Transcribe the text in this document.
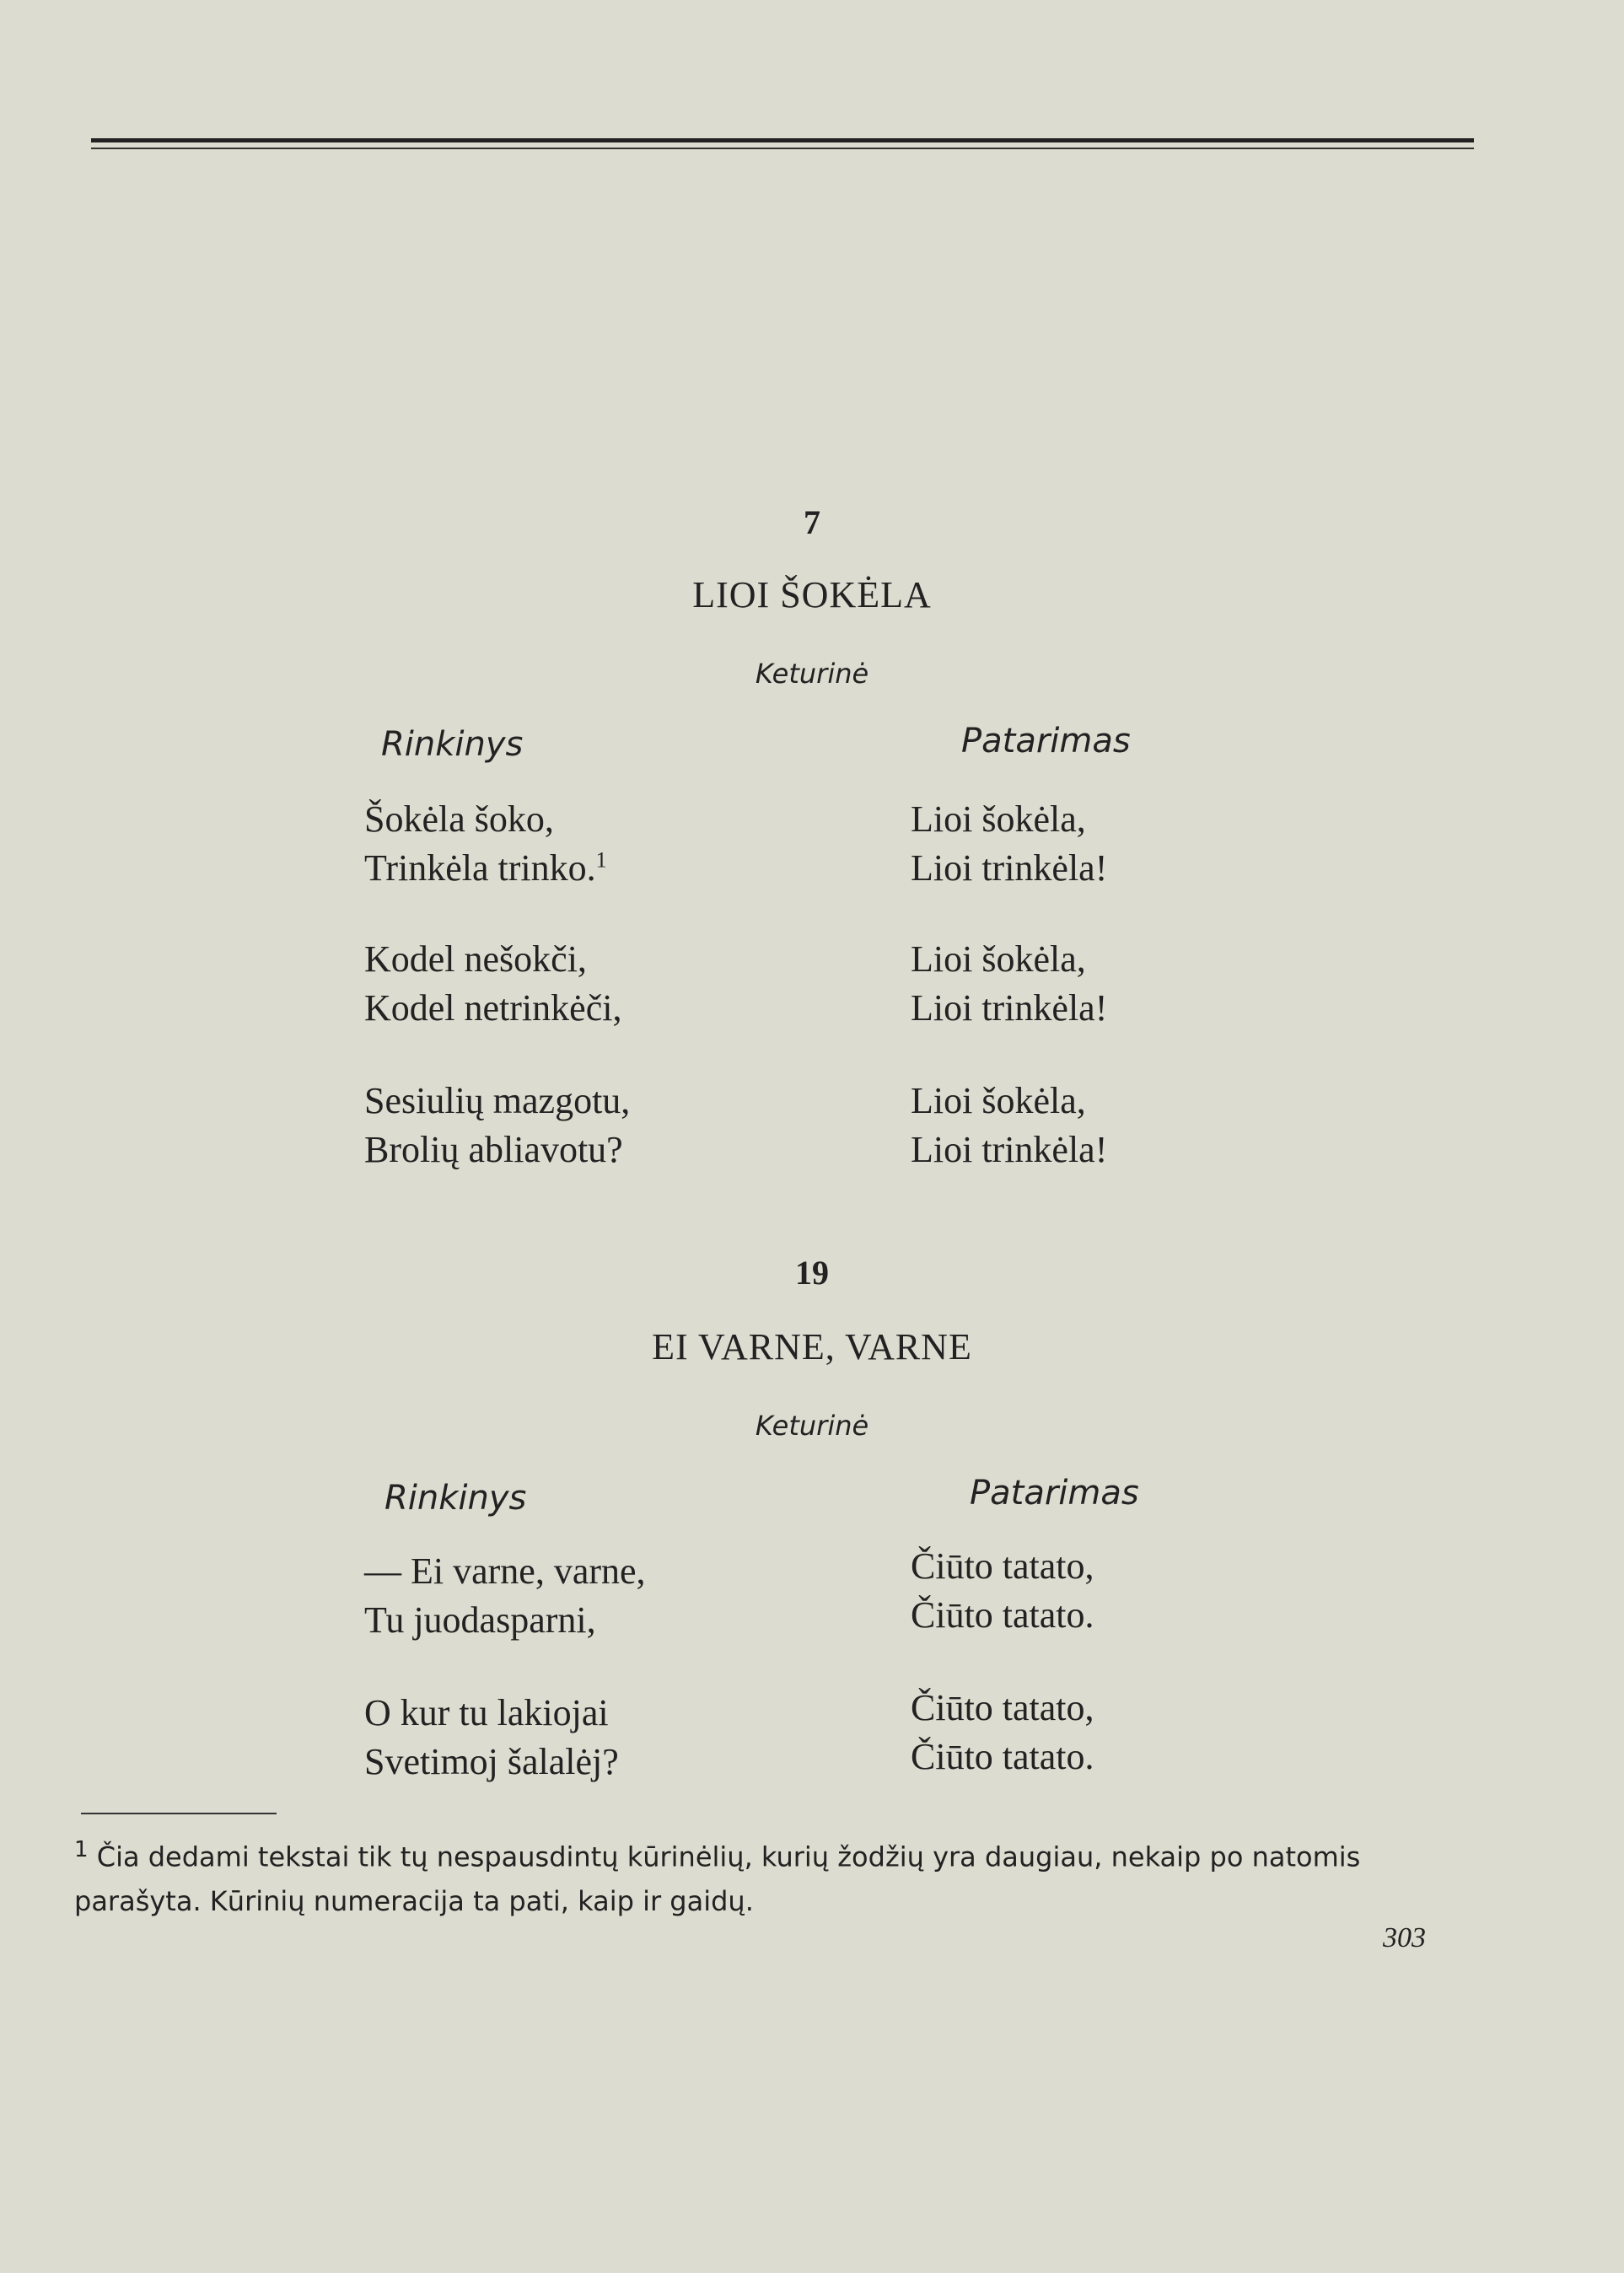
7
LIOI ŠOKĖLA
Keturinė
Rinkinys	Patarimas
Šokėla šoko,
Trinkėla trinko.$^1$
Lioi šokėla,
Lioi trinkėla!
Kodel nešokči,
Kodel netrinkėči,
Lioi šokėla,
Lioi trinkėla!
Sesiulių mazgotu,
Brolių abliavotu?
Lioi šokėla,
Lioi trinkėla!
19
EI VARNE, VARNE
Keturinė
Rinkinys	Patarimas
— Ei varne, varne,
Tu juodasparni,
Čiūto tatato,
Čiūto tatato.
O kur tu lakiojai
Svetimoj šalalėj?
Čiūto tatato,
Čiūto tatato.
$^1$ Čia dedami tekstai tik tų nespausdintų kūrinėlių, kurių žodžių yra daugiau, nekaip po natomis parašyta. Kūrinių numeracija ta pati, kaip ir gaidų.
303
